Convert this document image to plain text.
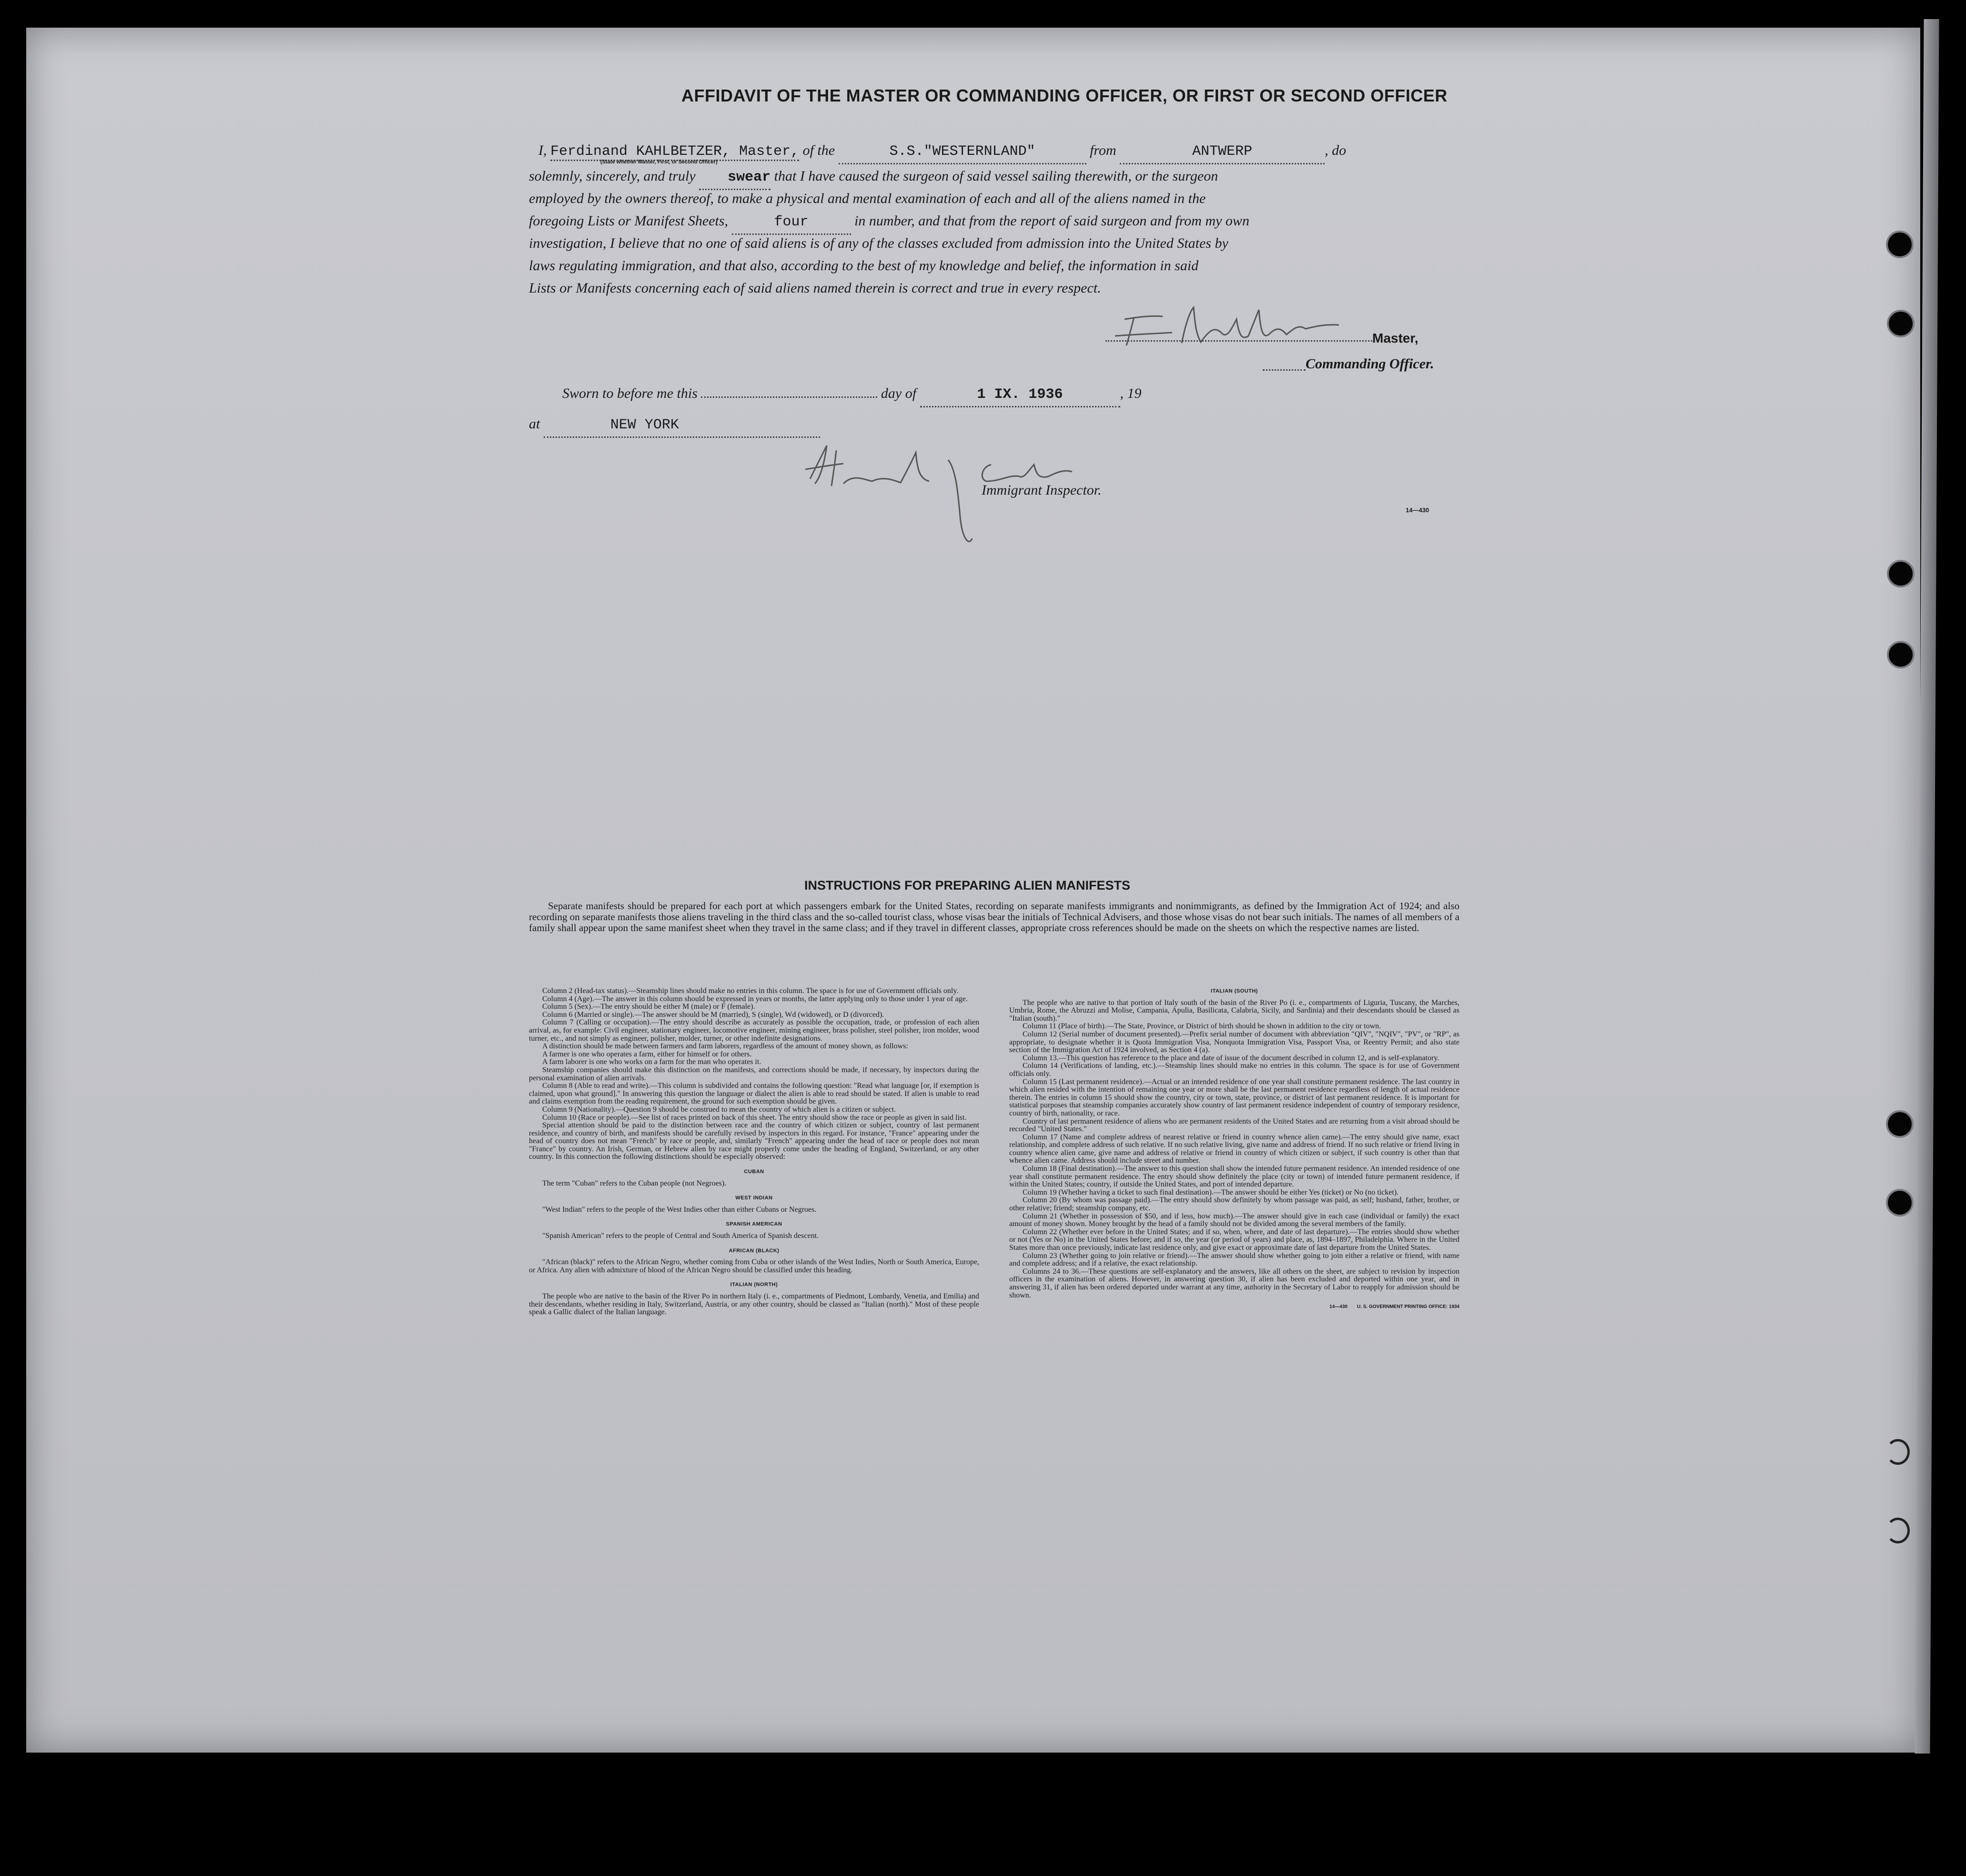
AFFIDAVIT OF THE MASTER OR COMMANDING OFFICER, OR FIRST OR SECOND OFFICER
I, Ferdinand KAHLBETZER, Master, of the	S.S."WESTERNLAND"	from	ANTWERP	, do
(State whether Master, First, or Second Officer)
solemnly, sincerely, and truly swear that I have caused the surgeon of said vessel sailing therewith, or the surgeon
employed by the owners thereof, to make a physical and mental examination of each and all of the aliens named in the
foregoing Lists or Manifest Sheets,	four	in number, and that from the report of said surgeon and from my own
investigation, I believe that no one of said aliens is of any of the classes excluded from admission into the United States by
laws regulating immigration, and that also, according to the best of my knowledge and belief, the information in said
Lists or Manifests concerning each of said aliens named therein is correct and true in every respect.
Master,
Commanding Officer.
Sworn to before me this	day of	1 IX. 1936	, 19
at	NEW YORK
Immigrant Inspector.
14—430
INSTRUCTIONS FOR PREPARING ALIEN MANIFESTS
Separate manifests should be prepared for each port at which passengers embark for the United States, recording on separate manifests immigrants and nonimmigrants, as defined by the Immigration Act of 1924; and also recording on separate manifests those aliens traveling in the third class and the so-called tourist class, whose visas bear the initials of Technical Advisers, and those whose visas do not bear such initials. The names of all members of a family shall appear upon the same manifest sheet when they travel in the same class; and if they travel in different classes, appropriate cross references should be made on the sheets on which the respective names are listed.

Column 2 (Head-tax status).—Steamship lines should make no entries in this column. The space is for use of Government officials only.

Column 4 (Age).—The answer in this column should be expressed in years or months, the latter applying only to those under 1 year of age.

Column 5 (Sex).—The entry should be either M (male) or F (female).

Column 6 (Married or single).—The answer should be M (married), S (single), Wd (widowed), or D (divorced).

Column 7 (Calling or occupation).—The entry should describe as accurately as possible the occupation, trade, or profession of each alien arrival, as, for example: Civil engineer, stationary engineer, locomotive engineer, mining engineer, brass polisher, steel polisher, iron molder, wood turner, etc., and not simply as engineer, polisher, molder, turner, or other indefinite designations.

A distinction should be made between farmers and farm laborers, regardless of the amount of money shown, as follows:

A farmer is one who operates a farm, either for himself or for others.

A farm laborer is one who works on a farm for the man who operates it.

Steamship companies should make this distinction on the manifests, and corrections should be made, if necessary, by inspectors during the personal examination of alien arrivals.

Column 8 (Able to read and write).—This column is subdivided and contains the following question: "Read what language [or, if exemption is claimed, upon what ground]." In answering this question the language or dialect the alien is able to read should be stated. If alien is unable to read and claims exemption from the reading requirement, the ground for such exemption should be given.

Column 9 (Nationality).—Question 9 should be construed to mean the country of which alien is a citizen or subject.

Column 10 (Race or people).—See list of races printed on back of this sheet. The entry should show the race or people as given in said list.

Special attention should be paid to the distinction between race and the country of which citizen or subject, country of last permanent residence, and country of birth, and manifests should be carefully revised by inspectors in this regard. For instance, "France" appearing under the head of country does not mean "French" by race or people, and, similarly "French" appearing under the head of race or people does not mean "France" by country. An Irish, German, or Hebrew alien by race might properly come under the heading of England, Switzerland, or any other country. In this connection the following distinctions should be especially observed:

CUBAN

The term "Cuban" refers to the Cuban people (not Negroes).

WEST INDIAN

"West Indian" refers to the people of the West Indies other than either Cubans or Negroes.

SPANISH AMERICAN

"Spanish American" refers to the people of Central and South America of Spanish descent.

AFRICAN (BLACK)

"African (black)" refers to the African Negro, whether coming from Cuba or other islands of the West Indies, North or South America, Europe, or Africa. Any alien with admixture of blood of the African Negro should be classified under this heading.

ITALIAN (NORTH)

The people who are native to the basin of the River Po in northern Italy (i. e., compartments of Piedmont, Lombardy, Venetia, and Emilia) and their descendants, whether residing in Italy, Switzerland, Austria, or any other country, should be classed as "Italian (north)." Most of these people speak a Gallic dialect of the Italian language.

ITALIAN (SOUTH)

The people who are native to that portion of Italy south of the basin of the River Po (i. e., compartments of Liguria, Tuscany, the Marches, Umbria, Rome, the Abruzzi and Molise, Campania, Apulia, Basilicata, Calabria, Sicily, and Sardinia) and their descendants should be classed as "Italian (south)."

Column 11 (Place of birth).—The State, Province, or District of birth should be shown in addition to the city or town.

Column 12 (Serial number of document presented).—Prefix serial number of document with abbreviation "QIV", "NQIV", "PV", or "RP", as appropriate, to designate whether it is Quota Immigration Visa, Nonquota Immigration Visa, Passport Visa, or Reentry Permit; and also state section of the Immigration Act of 1924 involved, as Section 4 (a).

Column 13.—This question has reference to the place and date of issue of the document described in column 12, and is self-explanatory.

Column 14 (Verifications of landing, etc.).—Steamship lines should make no entries in this column. The space is for use of Government officials only.

Column 15 (Last permanent residence).—Actual or an intended residence of one year shall constitute permanent residence. The last country in which alien resided with the intention of remaining one year or more shall be the last permanent residence regardless of length of actual residence therein. The entries in column 15 should show the country, city or town, state, province, or district of last permanent residence. It is important for statistical purposes that steamship companies accurately show country of last permanent residence independent of country of temporary residence, country of birth, nationality, or race.

Country of last permanent residence of aliens who are permanent residents of the United States and are returning from a visit abroad should be recorded "United States."

Column 17 (Name and complete address of nearest relative or friend in country whence alien came).—The entry should give name, exact relationship, and complete address of such relative. If no such relative living, give name and address of friend. If no such relative or friend living in country whence alien came, give name and address of relative or friend in country of which citizen or subject, if such country is other than that whence alien came. Address should include street and number.

Column 18 (Final destination).—The answer to this question shall show the intended future permanent residence. An intended residence of one year shall constitute permanent residence. The entry should show definitely the place (city or town) of intended future permanent residence, if within the United States; country, if outside the United States, and port of intended departure.

Column 19 (Whether having a ticket to such final destination).—The answer should be either Yes (ticket) or No (no ticket).

Column 20 (By whom was passage paid).—The entry should show definitely by whom passage was paid, as self; husband, father, brother, or other relative; friend; steamship company, etc.

Column 21 (Whether in possession of $50, and if less, how much).—The answer should give in each case (individual or family) the exact amount of money shown. Money brought by the head of a family should not be divided among the several members of the family.

Column 22 (Whether ever before in the United States; and if so, when, where, and date of last departure).—The entries should show whether or not (Yes or No) in the United States before; and if so, the year (or period of years) and place, as, 1894–1897, Philadelphia. Where in the United States more than once previously, indicate last residence only, and give exact or approximate date of last departure from the United States.

Column 23 (Whether going to join relative or friend).—The answer should show whether going to join either a relative or friend, with name and complete address; and if a relative, the exact relationship.

Columns 24 to 36.—These questions are self-explanatory and the answers, like all others on the sheet, are subject to revision by inspection officers in the examination of aliens. However, in answering question 30, if alien has been excluded and deported within one year, and in answering 31, if alien has been ordered deported under warrant at any time, authority in the Secretary of Labor to reapply for admission should be shown.

14—430 U. S. GOVERNMENT PRINTING OFFICE: 1934
